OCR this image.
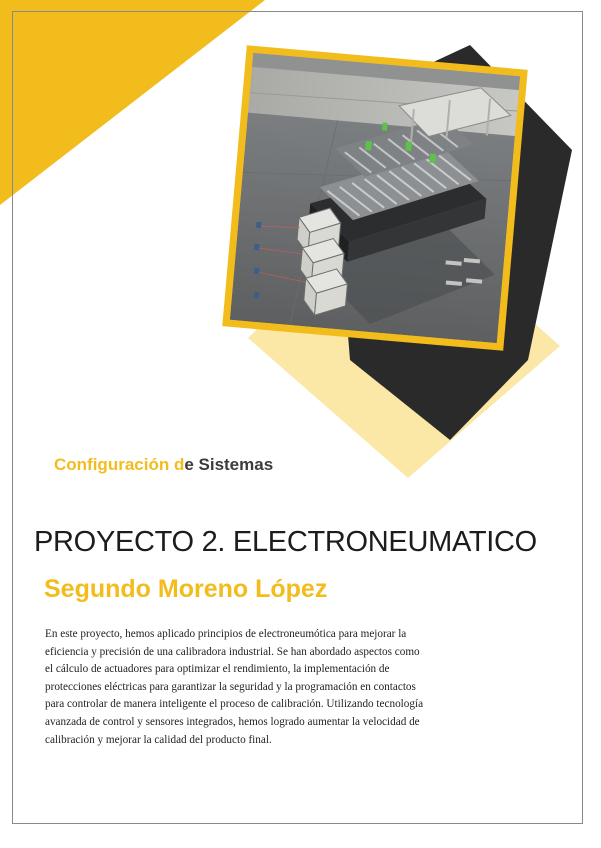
Configuración de Sistemas
PROYECTO 2. ELECTRONEUMATICO
Segundo Moreno López

En este proyecto, hemos aplicado principios de electroneumótica para mejorar la eficiencia y precisión de una calibradora industrial. Se han abordado aspectos como el cálculo de actuadores para optimizar el rendimiento, la implementación de protecciones eléctricas para garantizar la seguridad y la programación en contactos para controlar de manera inteligente el proceso de calibración. Utilizando tecnología avanzada de control y sensores integrados, hemos logrado aumentar la velocidad de calibración y mejorar la calidad del producto final.
